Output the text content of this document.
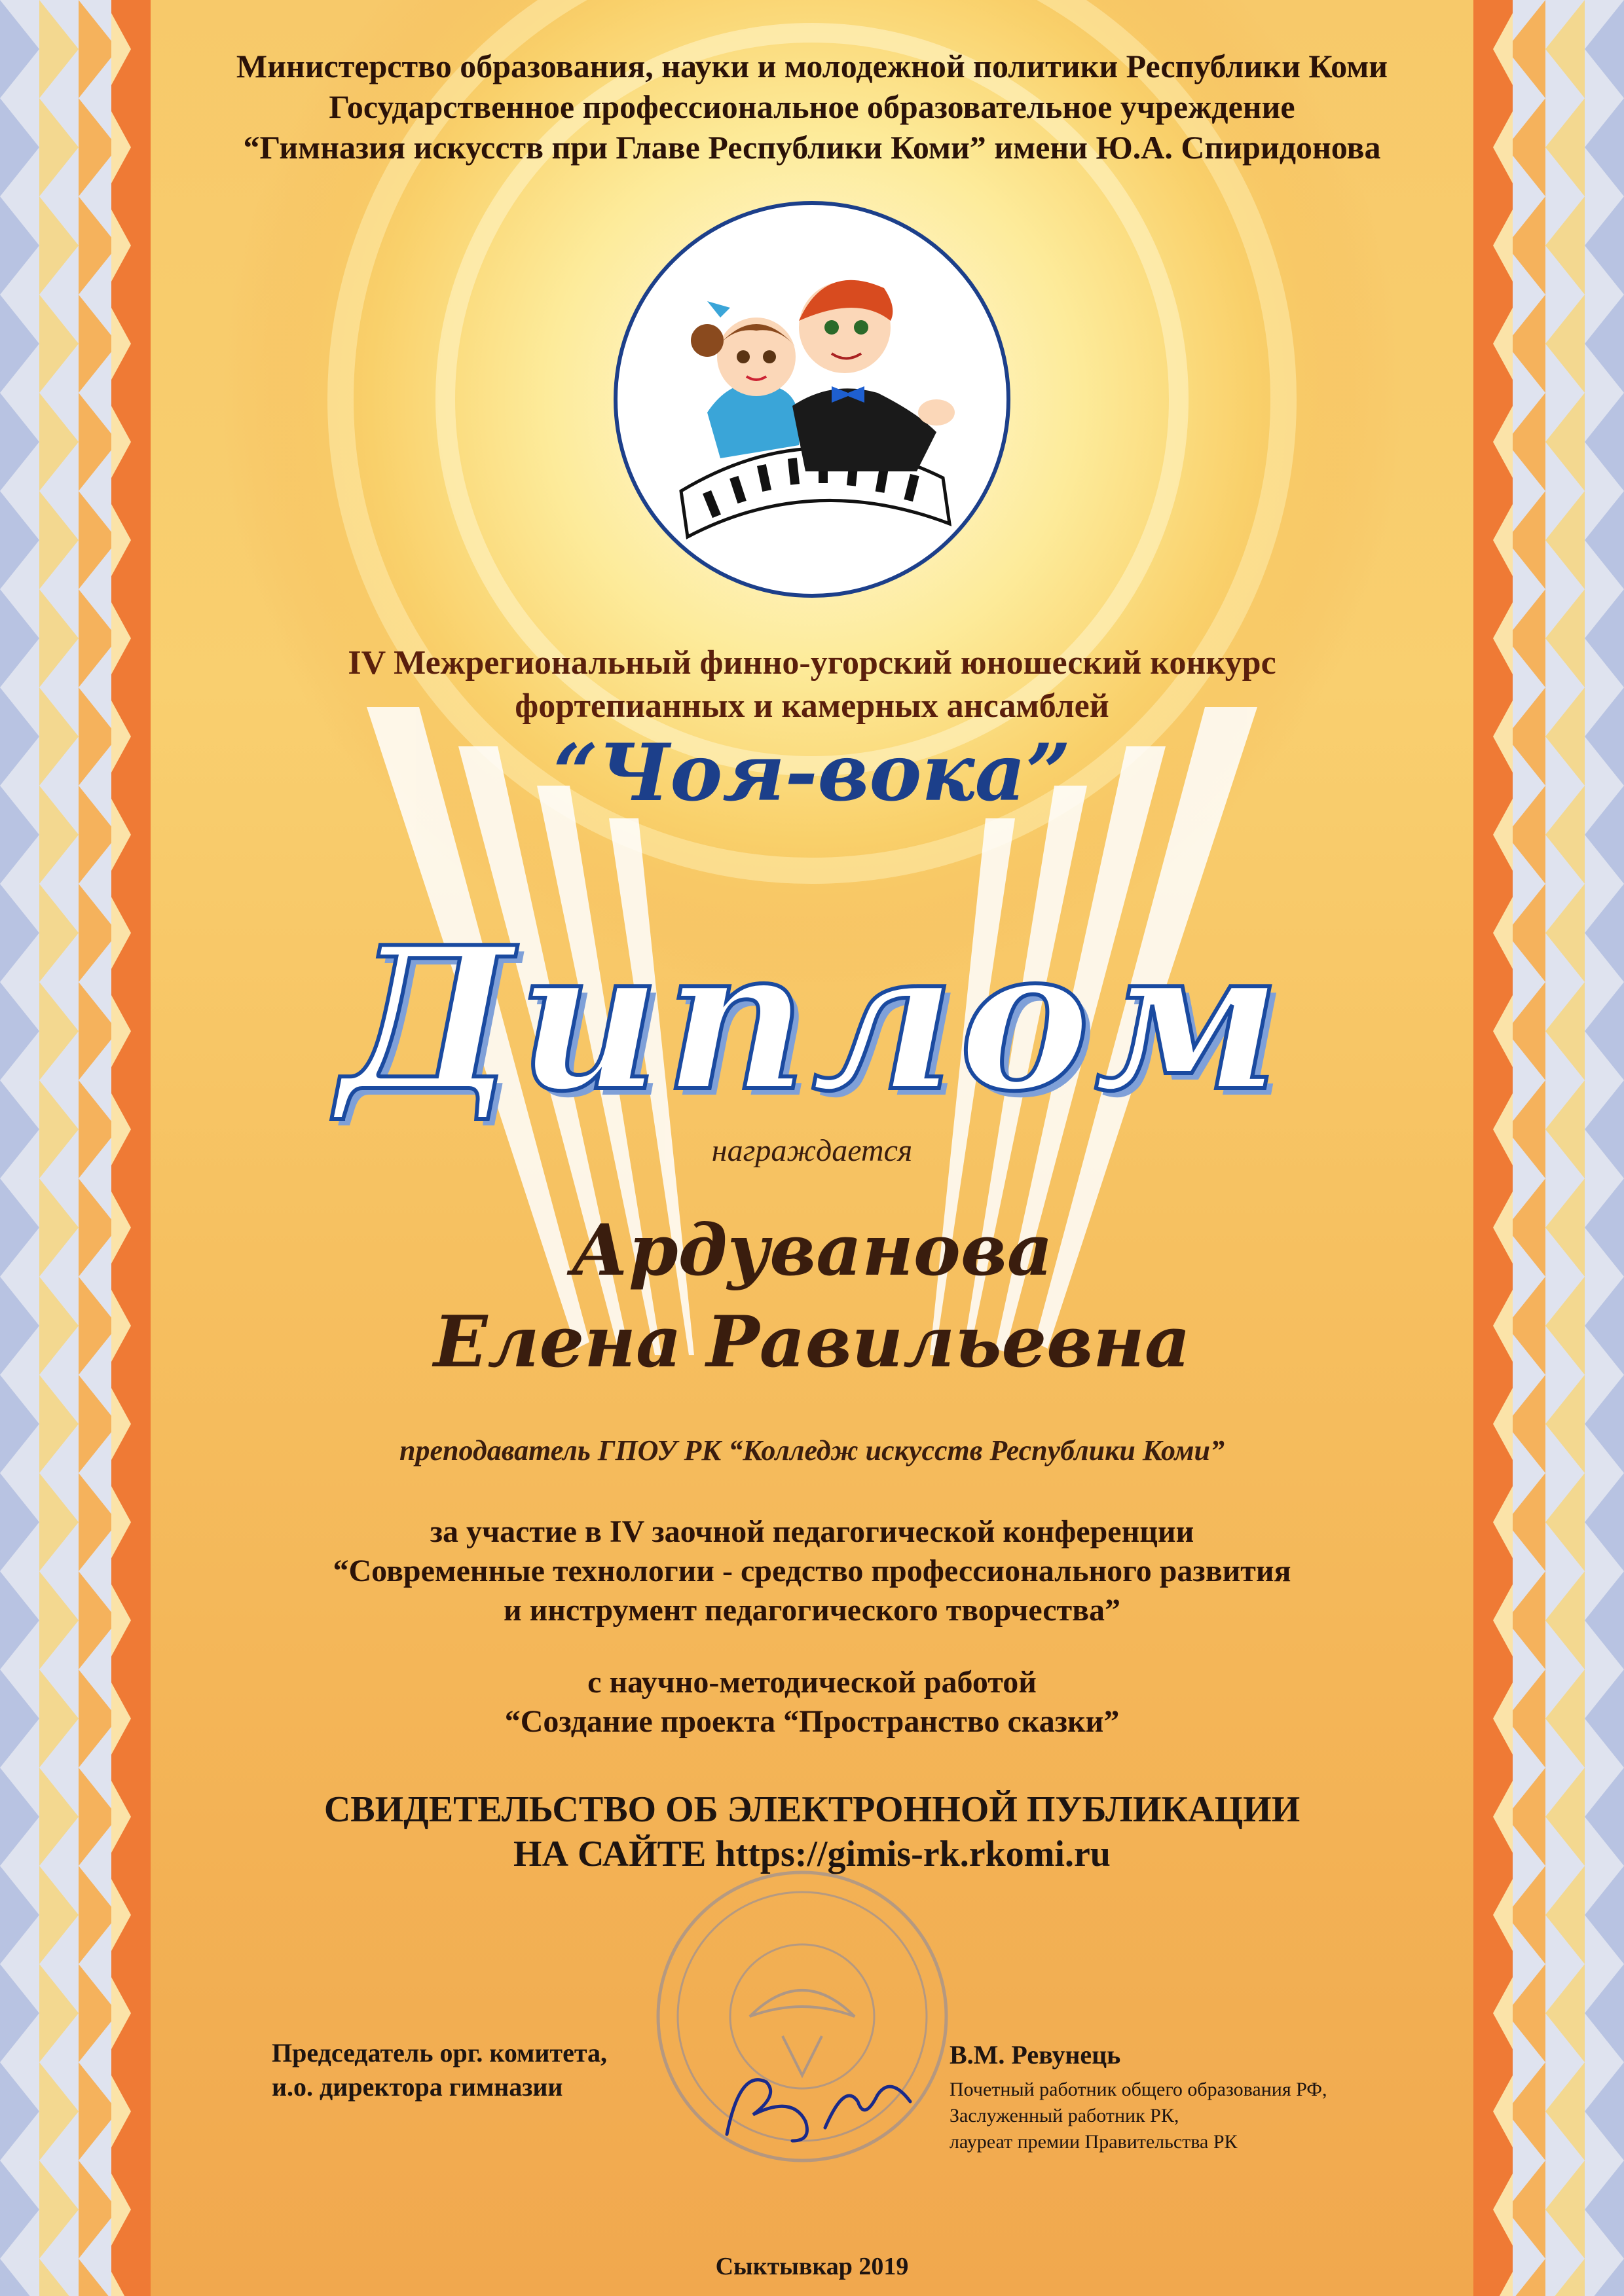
Министерство образования, науки и молодежной политики Республики Коми
Государственное профессиональное образовательное учреждение
“Гимназия искусств при Главе Республики Коми” имени Ю.А. Спиридонова
IV Межрегиональный финно-угорский юношеский конкурс
фортепианных и камерных ансамблей
“Чоя-вока”
Диплом
награждается
Ардуванова
Елена Равильевна
преподаватель ГПОУ РК “Колледж искусств Республики Коми”
за участие в IV заочной педагогической конференции
“Современные технологии - средство профессионального развития
и инструмент педагогического творчества”
с научно-методической работой
“Создание проекта “Пространство сказки”
СВИДЕТЕЛЬСТВО ОБ ЭЛЕКТРОННОЙ ПУБЛИКАЦИИ
НА САЙТЕ https://gimis-rk.rkomi.ru
Председатель орг. комитета,
и.о. директора гимназии
В.М. Ревунець
Почетный работник общего образования РФ,
Заслуженный работник РК,
лауреат премии Правительства РК
Сыктывкар 2019
